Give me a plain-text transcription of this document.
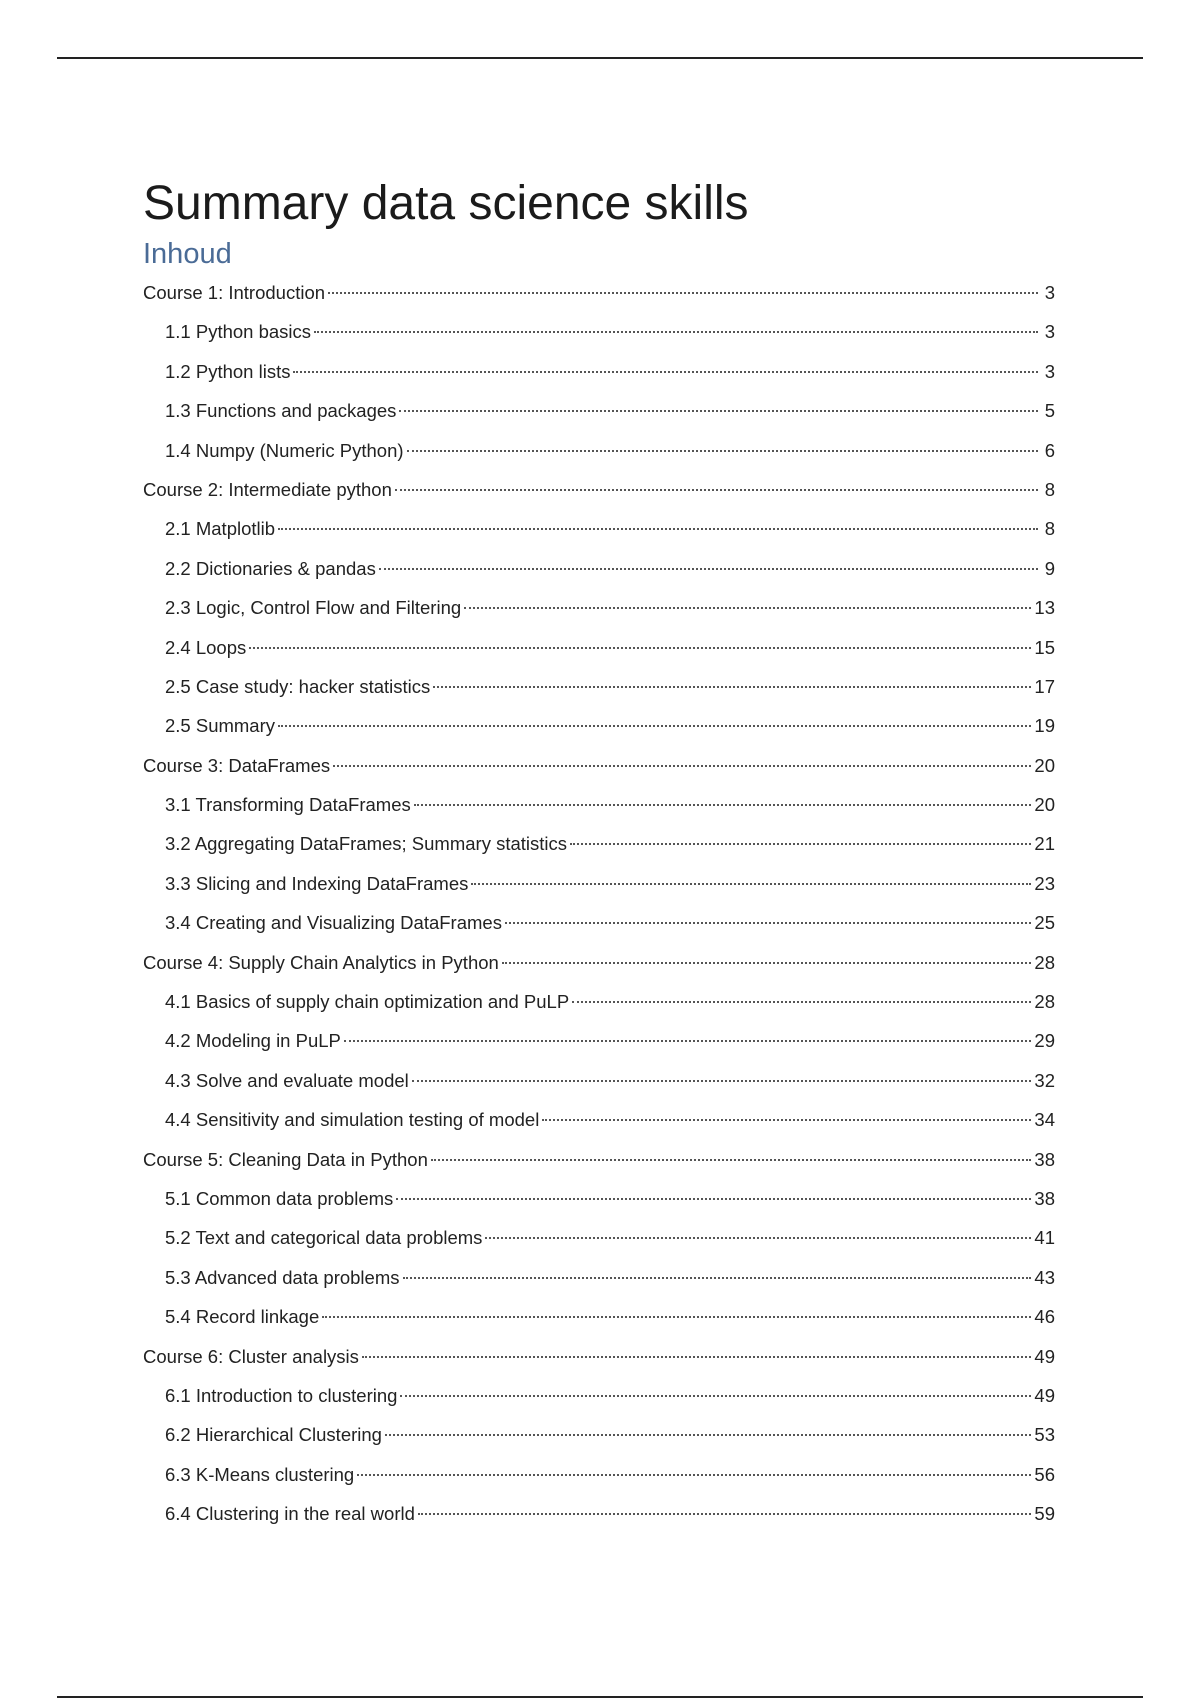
Summary data science skills
Inhoud
Course 1: Introduction	3
1.1 Python basics	3
1.2 Python lists	3
1.3 Functions and packages	5
1.4 Numpy (Numeric Python)	6
Course 2: Intermediate python	8
2.1 Matplotlib	8
2.2 Dictionaries & pandas	9
2.3 Logic, Control Flow and Filtering	13
2.4 Loops	15
2.5 Case study: hacker statistics	17
2.5 Summary	19
Course 3: DataFrames	20
3.1 Transforming DataFrames	20
3.2 Aggregating DataFrames; Summary statistics	21
3.3 Slicing and Indexing DataFrames	23
3.4 Creating and Visualizing DataFrames	25
Course 4: Supply Chain Analytics in Python	28
4.1 Basics of supply chain optimization and PuLP	28
4.2 Modeling in PuLP	29
4.3 Solve and evaluate model	32
4.4 Sensitivity and simulation testing of model	34
Course 5: Cleaning Data in Python	38
5.1 Common data problems	38
5.2 Text and categorical data problems	41
5.3 Advanced data problems	43
5.4 Record linkage	46
Course 6: Cluster analysis	49
6.1 Introduction to clustering	49
6.2 Hierarchical Clustering	53
6.3 K-Means clustering	56
6.4 Clustering in the real world	59
